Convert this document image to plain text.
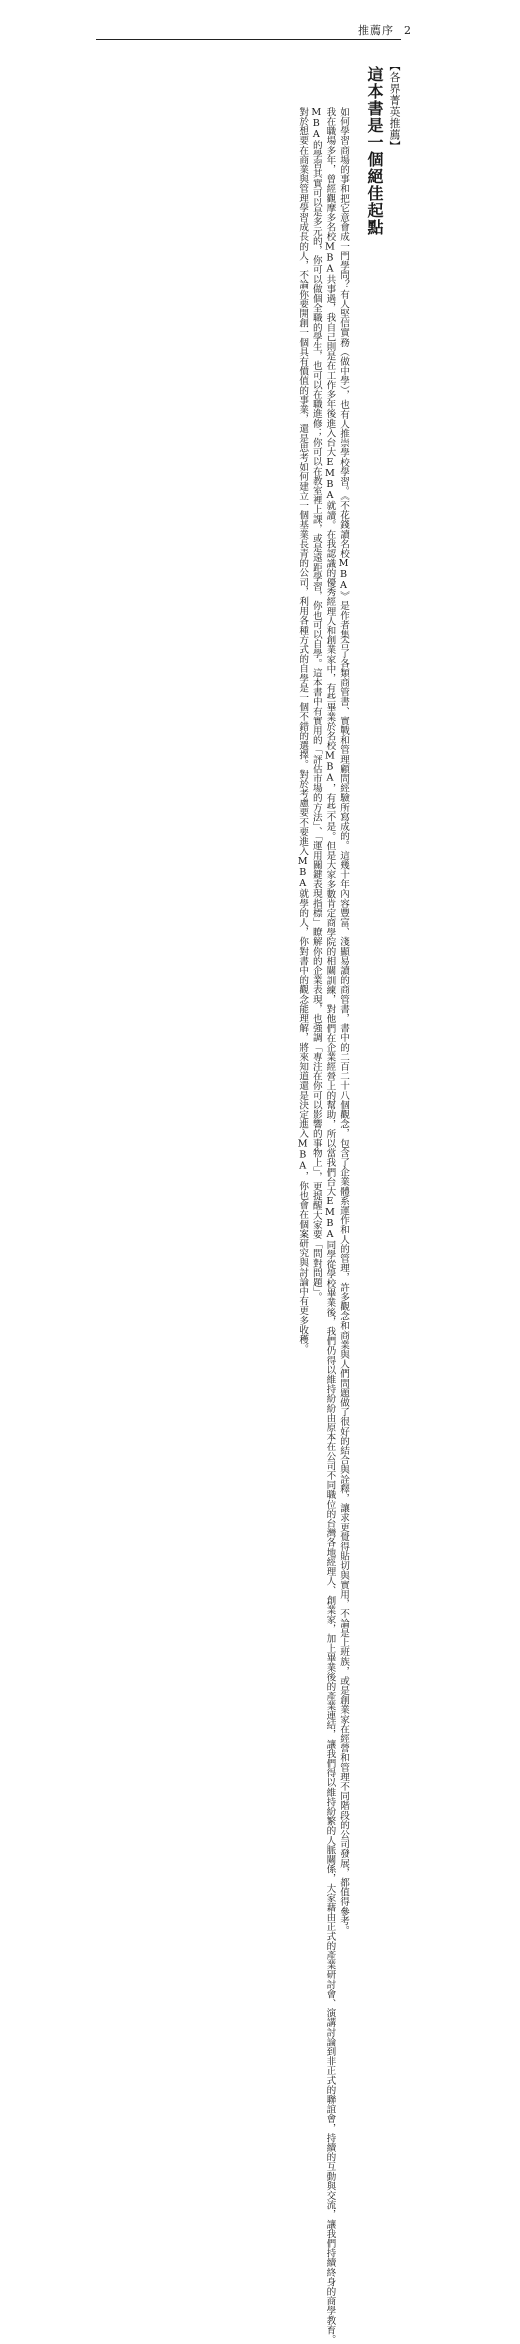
推薦序 2
【各界菁英推薦】
這本書是一個絕佳起點

如何學習商場的事和把它意會成一門學問？有人堅信實務（做中學），也有人推崇學校學習。《不花錢讀名校MBA》是作者集合了各類商管書、實戰和管理顧問經驗所寫成的。這幾十年內容豐富、淺顯易讀的商管書，書中的二百二十八個觀念，包含了企業體系運作和人的管理，許多觀念和商業與人們問題做了很好的結合與詮釋，讓求更覺得貼切與實用，不論是上班族，或是創業家在經營和管理不同階段的公司發展，都值得參考。

我在職場多年，曾經觀摩多名校MBA共事過，我自己則是在工作多年後進入台大EMBA就讀。在我認識的優秀經理人和創業家中，有些畢業於名校MBA，有些不是。但是大家多數肯定商學院的相關訓練，對他們在企業經營上的幫助，所以當我們台大EMBA同學從學校畢業後，我們仍得以維持紛紛由原本在公司不同職位的台灣各地經理人、創業家，加上畢業後的產業連結，讓我們得以維持紛繁的人脈關係，大家藉由正式的產業研討會、演講討論到非正式的聯誼會，持續的互動與交流，讓我們持續終身的商學教育。

MBA的學習其實可以是多元的，你可以做個全職的學生，也可以在職進修；你可以在教室裡上課，或是遠距學習，你也可以自學。這本書中有實用的「評估市場的方法」、「運用關鍵表現指標」瞭解你的企業表現，也強調「專注在你可以影響的事物上」，更提醒大家要「問對問題」。

對於想要在商業與管理學習成長的人，不論你要開創一個具有價值的事業，還是思考如何建立一個基業長青的公司，利用各種方式的自學是一個不錯的選擇。對於考慮要不要進入MBA就學的人，你對書中的觀念能理解，將來知道還是決定進入MBA，你也會在個案研究與討論中有更多收穫。
